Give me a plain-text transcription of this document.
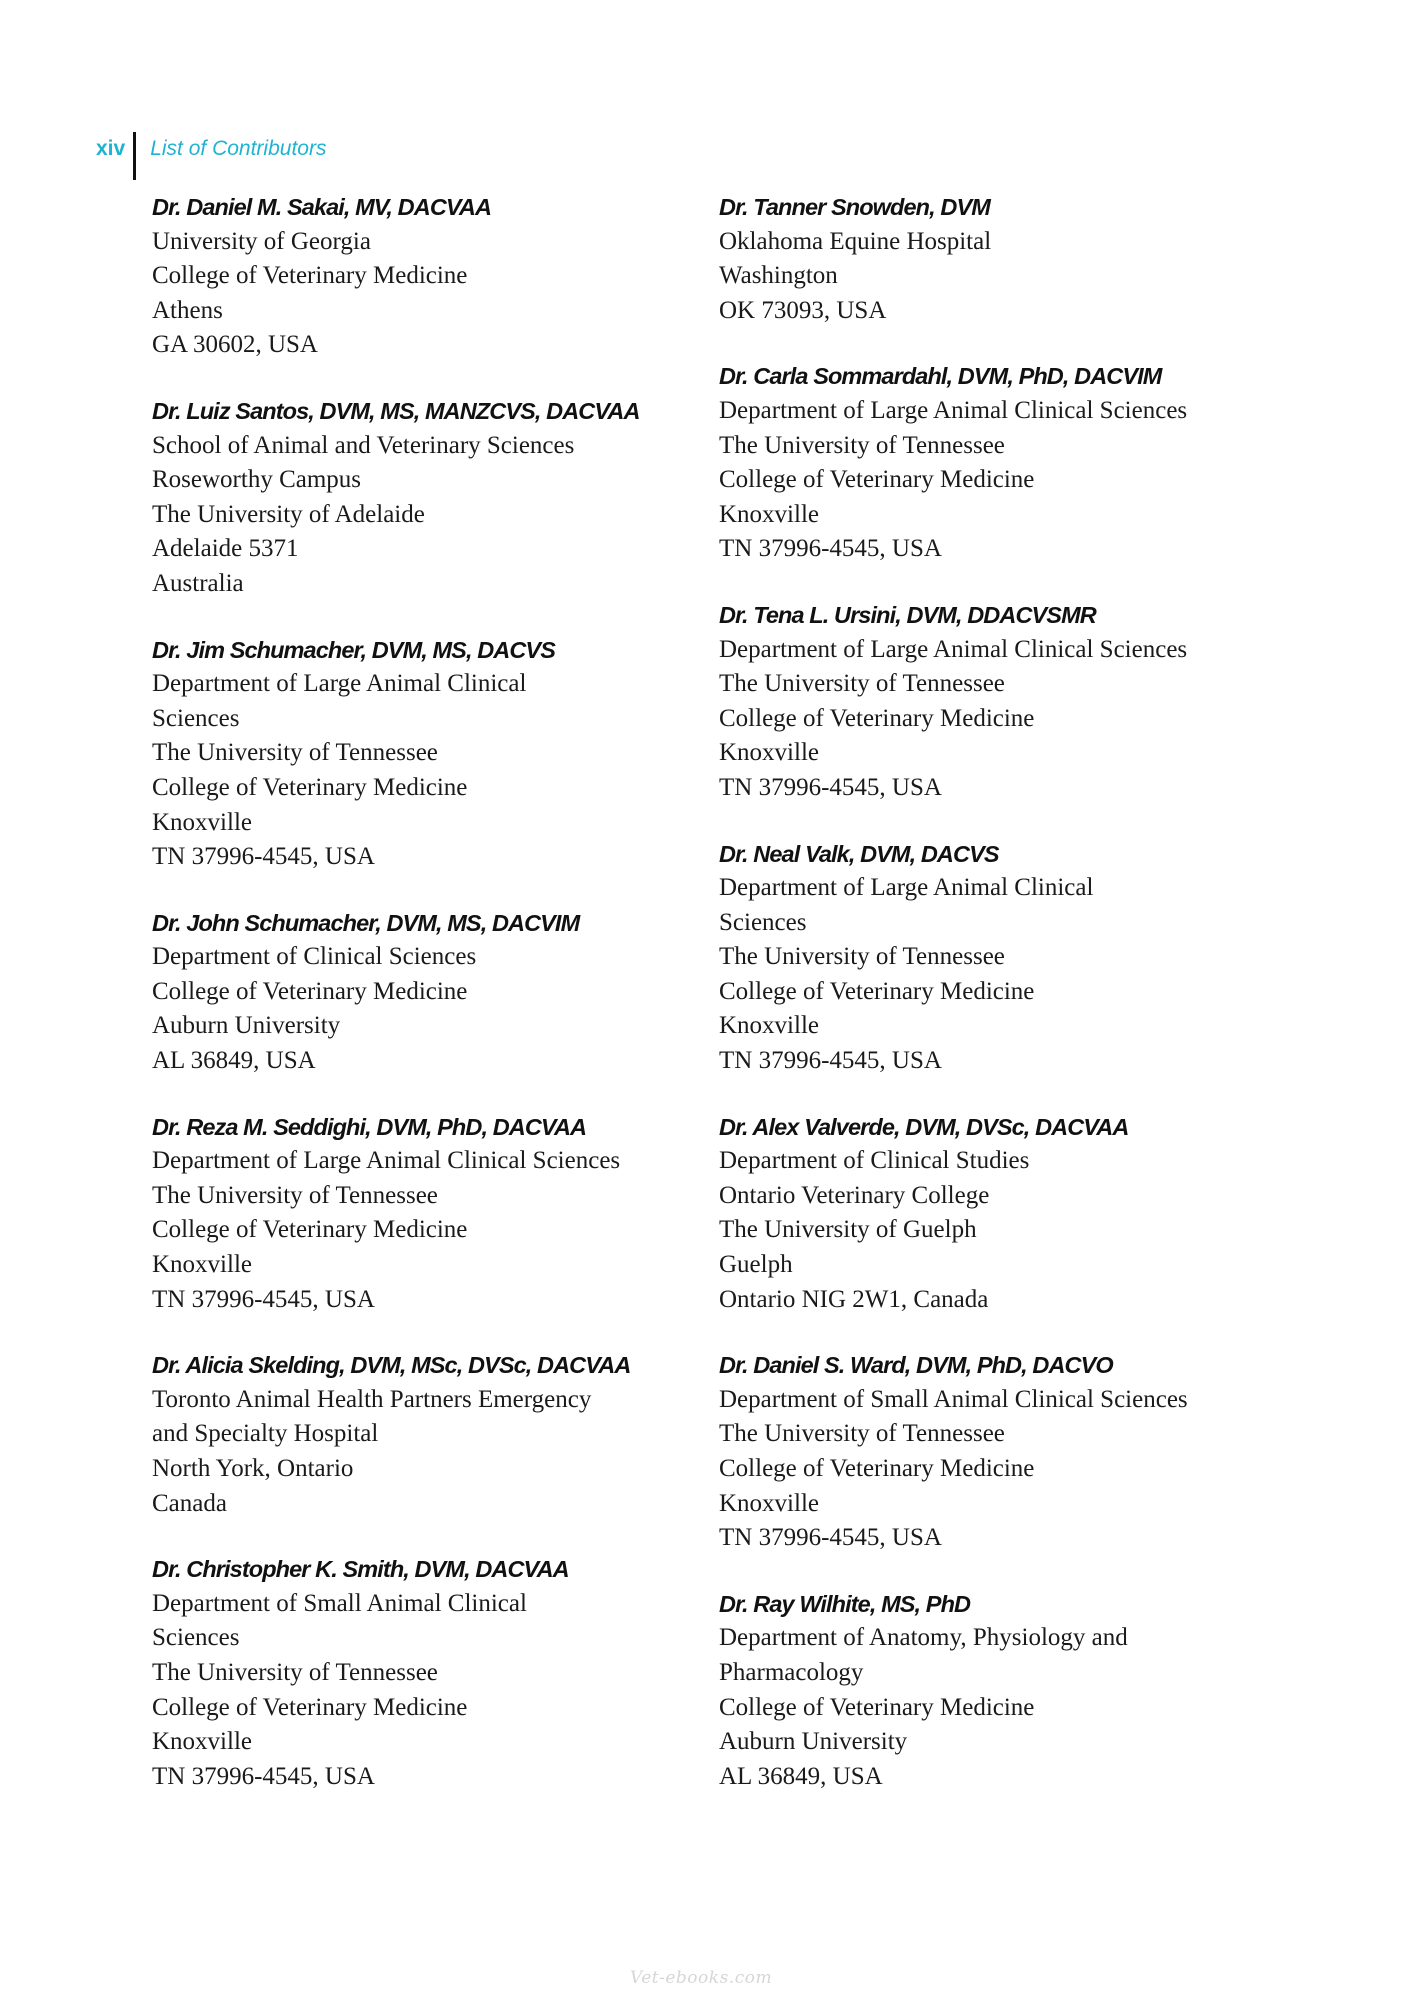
xiv	List of Contributors
Dr. Daniel M. Sakai, MV, DACVAA
University of Georgia
College of Veterinary Medicine
Athens
GA 30602, USA
Dr. Luiz Santos, DVM, MS, MANZCVS, DACVAA
School of Animal and Veterinary Sciences
Roseworthy Campus
The University of Adelaide
Adelaide 5371
Australia
Dr. Jim Schumacher, DVM, MS, DACVS
Department of Large Animal Clinical
Sciences
The University of Tennessee
College of Veterinary Medicine
Knoxville
TN 37996-4545, USA
Dr. John Schumacher, DVM, MS, DACVIM
Department of Clinical Sciences
College of Veterinary Medicine
Auburn University
AL 36849, USA
Dr. Reza M. Seddighi, DVM, PhD, DACVAA
Department of Large Animal Clinical Sciences
The University of Tennessee
College of Veterinary Medicine
Knoxville
TN 37996-4545, USA
Dr. Alicia Skelding, DVM, MSc, DVSc, DACVAA
Toronto Animal Health Partners Emergency
and Specialty Hospital
North York, Ontario
Canada
Dr. Christopher K. Smith, DVM, DACVAA
Department of Small Animal Clinical
Sciences
The University of Tennessee
College of Veterinary Medicine
Knoxville
TN 37996-4545, USA
Dr. Tanner Snowden, DVM
Oklahoma Equine Hospital
Washington
OK 73093, USA
Dr. Carla Sommardahl, DVM, PhD, DACVIM
Department of Large Animal Clinical Sciences
The University of Tennessee
College of Veterinary Medicine
Knoxville
TN 37996-4545, USA
Dr. Tena L. Ursini, DVM, DDACVSMR
Department of Large Animal Clinical Sciences
The University of Tennessee
College of Veterinary Medicine
Knoxville
TN 37996-4545, USA
Dr. Neal Valk, DVM, DACVS
Department of Large Animal Clinical
Sciences
The University of Tennessee
College of Veterinary Medicine
Knoxville
TN 37996-4545, USA
Dr. Alex Valverde, DVM, DVSc, DACVAA
Department of Clinical Studies
Ontario Veterinary College
The University of Guelph
Guelph
Ontario NIG 2W1, Canada
Dr. Daniel S. Ward, DVM, PhD, DACVO
Department of Small Animal Clinical Sciences
The University of Tennessee
College of Veterinary Medicine
Knoxville
TN 37996-4545, USA
Dr. Ray Wilhite, MS, PhD
Department of Anatomy, Physiology and
Pharmacology
College of Veterinary Medicine
Auburn University
AL 36849, USA
Vet-ebooks.com
